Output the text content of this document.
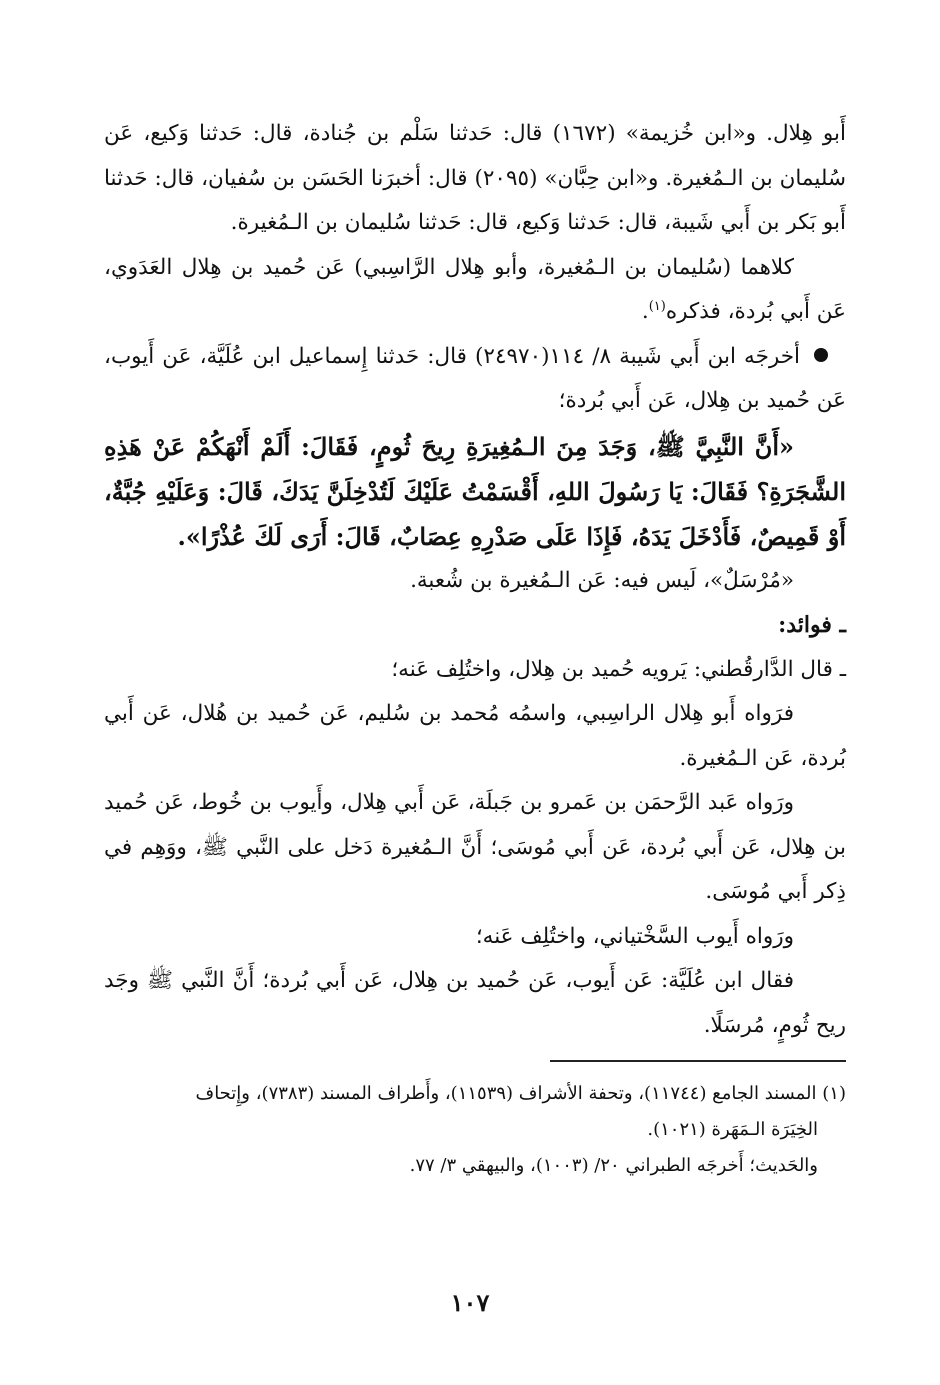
أَبو هِلال. و«ابن خُزيمة» (١٦٧٢) قال: حَدثنا سَلْم بن جُنادة، قال: حَدثنا وَكيع، عَن سُليمان بن الـمُغيرة. و«ابن حِبَّان» (٢٠٩٥) قال: أخبرَنا الحَسَن بن سُفيان، قال: حَدثنا أَبو بَكر بن أَبي شَيبة، قال: حَدثنا وَكيع، قال: حَدثنا سُليمان بن الـمُغيرة.

كلاهما (سُليمان بن الـمُغيرة، وأبو هِلال الرَّاسِبي) عَن حُميد بن هِلال العَدَوي، عَن أَبي بُردة، فذكره$^{(١)}$.

أخرجَه ابن أَبي شَيبة ٨/ ١١٤(٢٤٩٧٠) قال: حَدثنا إِسماعيل ابن عُلَيَّة، عَن أَيوب، عَن حُميد بن هِلال، عَن أَبي بُردة؛

«أَنَّ النَّبِيَّ ﷺ، وَجَدَ مِنَ الـمُغِيرَةِ رِيحَ ثُومٍ، فَقَالَ: أَلَمْ أَنْهَكُمْ عَنْ هَذِهِ الشَّجَرَةِ؟ فَقَالَ: يَا رَسُولَ اللهِ، أَقْسَمْتُ عَلَيْكَ لَتُدْخِلَنَّ يَدَكَ، قَالَ: وَعَلَيْهِ جُبَّةٌ، أَوْ قَمِيصٌ، فَأَدْخَلَ يَدَهُ، فَإِذَا عَلَى صَدْرِهِ عِصَابٌ، قَالَ: أَرَى لَكَ عُذْرًا».

«مُرْسَلٌ»، لَيس فيه: عَن الـمُغيرة بن شُعبة.

ـ فوائد:

ـ قال الدَّارقُطني: يَرويه حُميد بن هِلال، واختُلِف عَنه؛

فرَواه أَبو هِلال الراسِبي، واسمُه مُحمد بن سُليم، عَن حُميد بن هُلال، عَن أَبي بُردة، عَن الـمُغيرة.

ورَواه عَبد الرَّحمَن بن عَمرو بن جَبلَة، عَن أَبي هِلال، وأَيوب بن خُوط، عَن حُميد بن هِلال، عَن أَبي بُردة، عَن أَبي مُوسَى؛ أَنَّ الـمُغيرة دَخل على النَّبي ﷺ، ووَهِم في ذِكر أَبي مُوسَى.

ورَواه أَيوب السَّخْتياني، واختُلِف عَنه؛

فقال ابن عُلَيَّة: عَن أَيوب، عَن حُميد بن هِلال، عَن أَبي بُردة؛ أَنَّ النَّبي ﷺ وجَد ريح ثُومٍ، مُرسَلًا.

(١) المسند الجامع (١١٧٤٤)، وتحفة الأشراف (١١٥٣٩)، وأَطراف المسند (٧٣٨٣)، وإِتحاف
الخِيَرَة الـمَهَرة (١٠٢١).

والحَديث؛ أَخرجَه الطبراني ٢٠/ (١٠٠٣)، والبيهقي ٣/ ٧٧.

١٠٧
